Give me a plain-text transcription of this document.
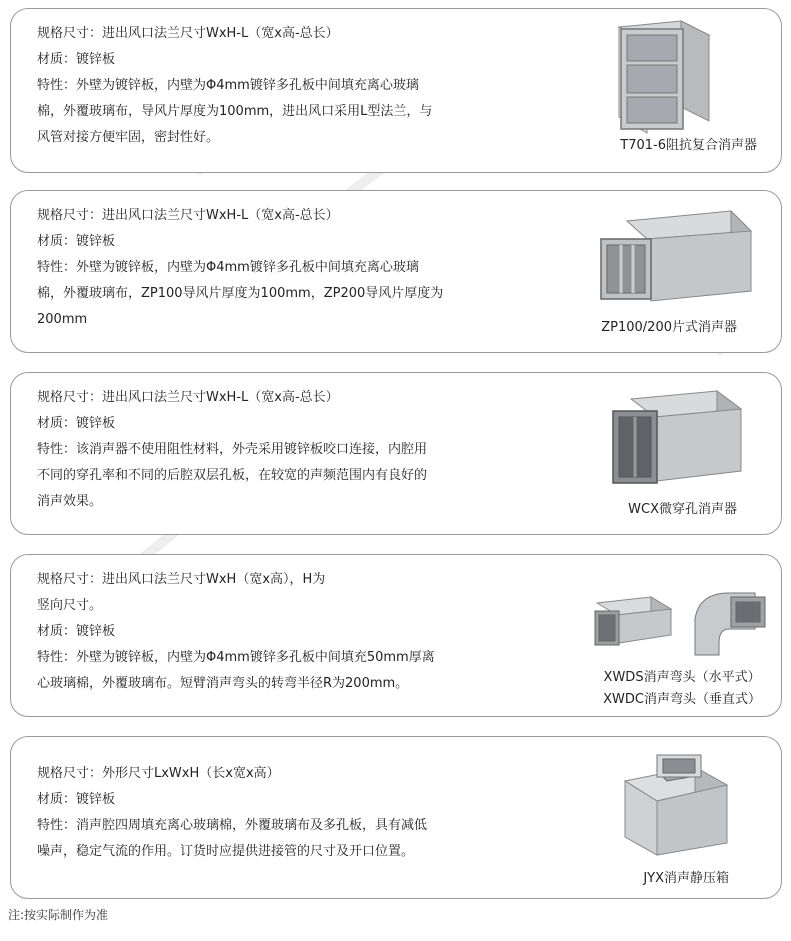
规格尺寸：进出风口法兰尺寸WxH-L（宽x高-总长）
材质：镀锌板
特性：外壁为镀锌板，内壁为Φ4mm镀锌多孔板中间填充离心玻璃
棉，外覆玻璃布，导风片厚度为100mm，进出风口采用L型法兰，与
风管对接方便牢固，密封性好。
T701-6阻抗复合消声器
规格尺寸：进出风口法兰尺寸WxH-L（宽x高-总长）
材质：镀锌板
特性：外壁为镀锌板，内壁为Φ4mm镀锌多孔板中间填充离心玻璃
棉，外覆玻璃布，ZP100导风片厚度为100mm，ZP200导风片厚度为
200mm
ZP100/200片式消声器
规格尺寸：进出风口法兰尺寸WxH-L（宽x高-总长）
材质：镀锌板
特性：该消声器不使用阻性材料，外壳采用镀锌板咬口连接，内腔用
不同的穿孔率和不同的后腔双层孔板，在较宽的声频范围内有良好的
消声效果。
WCX微穿孔消声器
规格尺寸：进出风口法兰尺寸WxH（宽x高），H为
竖向尺寸。
材质：镀锌板
特性：外壁为镀锌板，内壁为Φ4mm镀锌多孔板中间填充50mm厚离
心玻璃棉，外覆玻璃布。短臂消声弯头的转弯半径R为200mm。	XWDS消声弯头（水平式）
XWDC消声弯头（垂直式）
规格尺寸：外形尺寸LxWxH（长x宽x高）
材质：镀锌板
特性：消声腔四周填充离心玻璃棉，外覆玻璃布及多孔板，具有减低
噪声，稳定气流的作用。订货时应提供进接管的尺寸及开口位置。
JYX消声静压箱
注:按实际制作为准
